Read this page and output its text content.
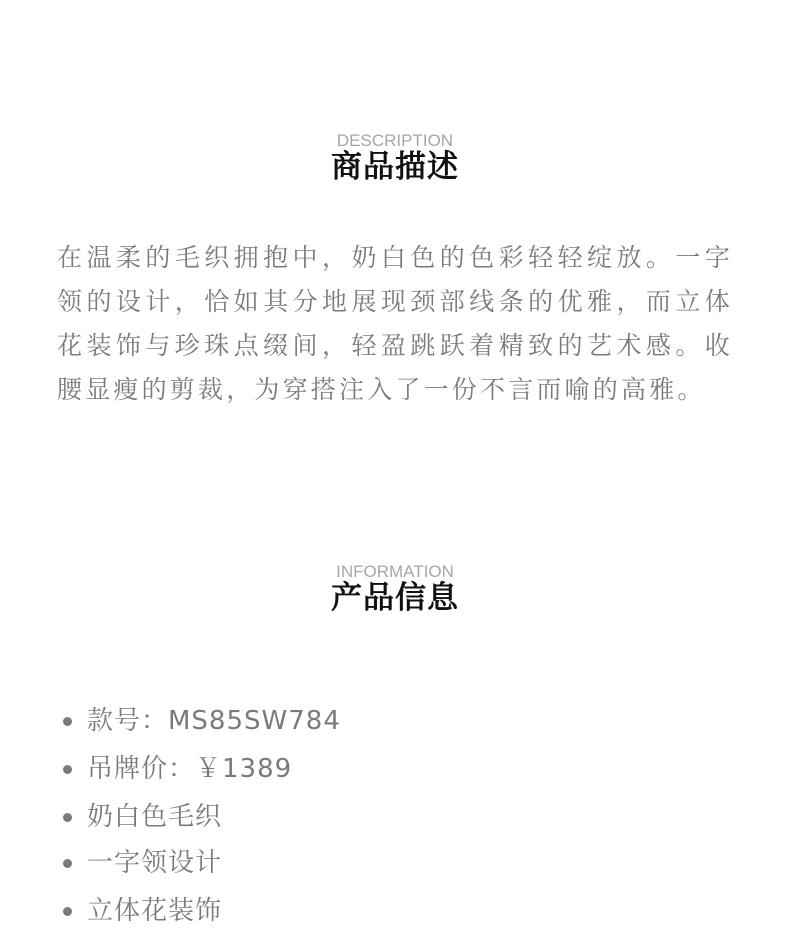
DESCRIPTION
商品描述

在温柔的毛织拥抱中，奶白色的色彩轻轻绽放。一字领的设计，恰如其分地展现颈部线条的优雅，而立体花装饰与珍珠点缀间，轻盈跳跃着精致的艺术感。收腰显瘦的剪裁，为穿搭注入了一份不言而喻的高雅。

INFORMATION
产品信息
款号：MS85SW784
吊牌价：￥1389
奶白色毛织
一字领设计
立体花装饰
